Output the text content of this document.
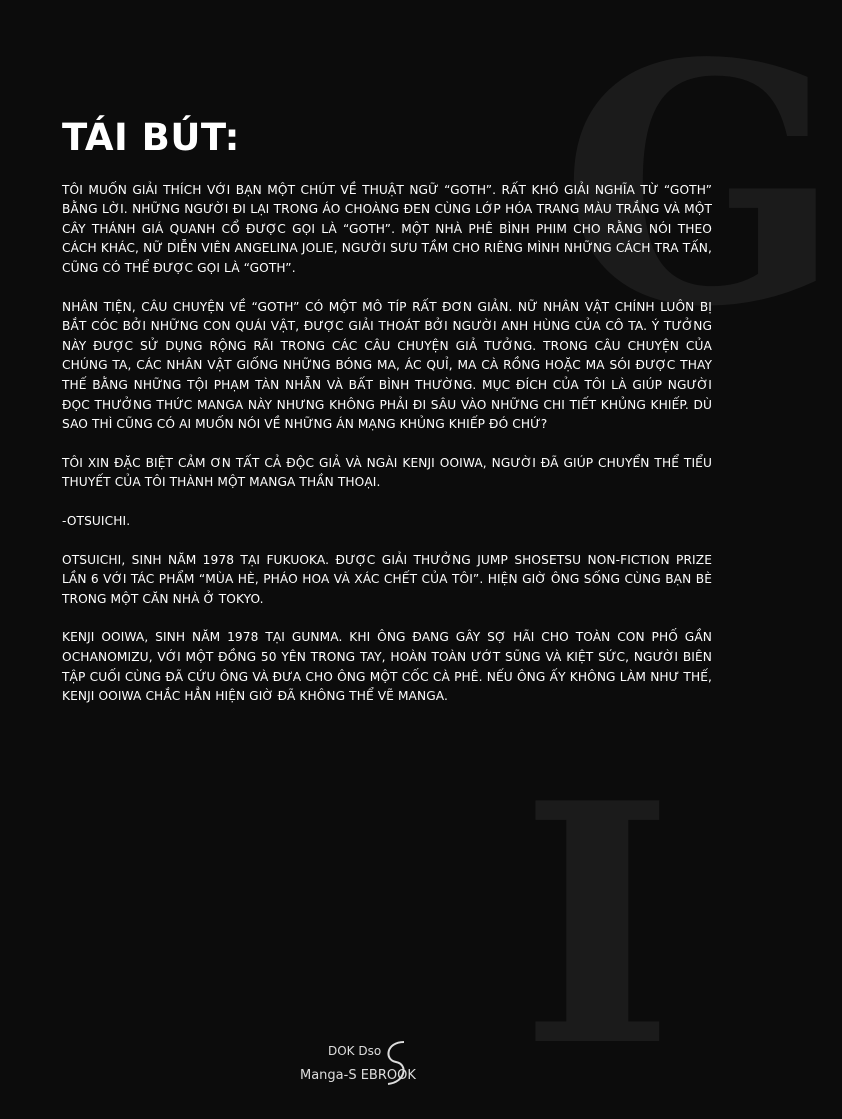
G
I
TÁI BÚT:

TÔI MUỐN GIẢI THÍCH VỚI BẠN MỘT CHÚT VỀ THUẬT NGỮ “GOTH”. RẤT KHÓ GIẢI NGHĨA TỪ “GOTH” BẰNG LỜI. NHỮNG NGƯỜI ĐI LẠI TRONG ÁO CHOÀNG ĐEN CÙNG LỚP HÓA TRANG MÀU TRẮNG VÀ MỘT CÂY THÁNH GIÁ QUANH CỔ ĐƯỢC GỌI LÀ “GOTH”. MỘT NHÀ PHÊ BÌNH PHIM CHO RẰNG NÓI THEO CÁCH KHÁC, NỮ DIỄN VIÊN ANGELINA JOLIE, NGƯỜI SƯU TẦM CHO RIÊNG MÌNH NHỮNG CÁCH TRA TẤN, CŨNG CÓ THỂ ĐƯỢC GỌI LÀ “GOTH”.

NHÂN TIỆN, CÂU CHUYỆN VỀ “GOTH” CÓ MỘT MÔ TÍP RẤT ĐƠN GIẢN. NỮ NHÂN VẬT CHÍNH LUÔN BỊ BẮT CÓC BỞI NHỮNG CON QUÁI VẬT, ĐƯỢC GIẢI THOÁT BỞI NGƯỜI ANH HÙNG CỦA CÔ TA. Ý TƯỞNG NÀY ĐƯỢC SỬ DỤNG RỘNG RÃI TRONG CÁC CÂU CHUYỆN GIẢ TƯỞNG. TRONG CÂU CHUYỆN CỦA CHÚNG TA, CÁC NHÂN VẬT GIỐNG NHỮNG BÓNG MA, ÁC QUỈ, MA CÀ RỒNG HOẶC MA SÓI ĐƯỢC THAY THẾ BẰNG NHỮNG TỘI PHẠM TÀN NHẪN VÀ BẤT BÌNH THƯỜNG. MỤC ĐÍCH CỦA TÔI LÀ GIÚP NGƯỜI ĐỌC THƯỞNG THỨC MANGA NÀY NHƯNG KHÔNG PHẢI ĐI SÂU VÀO NHỮNG CHI TIẾT KHỦNG KHIẾP. DÙ SAO THÌ CŨNG CÓ AI MUỐN NÓI VỀ NHỮNG ÁN MẠNG KHỦNG KHIẾP ĐÓ CHỨ?

TÔI XIN ĐẶC BIỆT CẢM ƠN TẤT CẢ ĐỘC GIẢ VÀ NGÀI KENJI OOIWA, NGƯỜI ĐÃ GIÚP CHUYỂN THỂ TIỂU THUYẾT CỦA TÔI THÀNH MỘT MANGA THẦN THOẠI.

-OTSUICHI.

OTSUICHI, SINH NĂM 1978 TẠI FUKUOKA. ĐƯỢC GIẢI THƯỞNG JUMP SHOSETSU NON-FICTION PRIZE LẦN 6 VỚI TÁC PHẨM “MÙA HÈ, PHÁO HOA VÀ XÁC CHẾT CỦA TÔI”. HIỆN GIỜ ÔNG SỐNG CÙNG BẠN BÈ TRONG MỘT CĂN NHÀ Ở TOKYO.

KENJI OOIWA, SINH NĂM 1978 TẠI GUNMA. KHI ÔNG ĐANG GÂY SỢ HÃI CHO TOÀN CON PHỐ GẦN OCHANOMIZU, VỚI MỘT ĐỒNG 50 YÊN TRONG TAY, HOÀN TOÀN ƯỚT SŨNG VÀ KIỆT SỨC, NGƯỜI BIÊN TẬP CUỐI CÙNG ĐÃ CỨU ÔNG VÀ ĐƯA CHO ÔNG MỘT CỐC CÀ PHÊ. NẾU ÔNG ẤY KHÔNG LÀM NHƯ THẾ, KENJI OOIWA CHẮC HẲN HIỆN GIỜ ĐÃ KHÔNG THỂ VẼ MANGA.

DOK Dso
Manga-S EBROOK
